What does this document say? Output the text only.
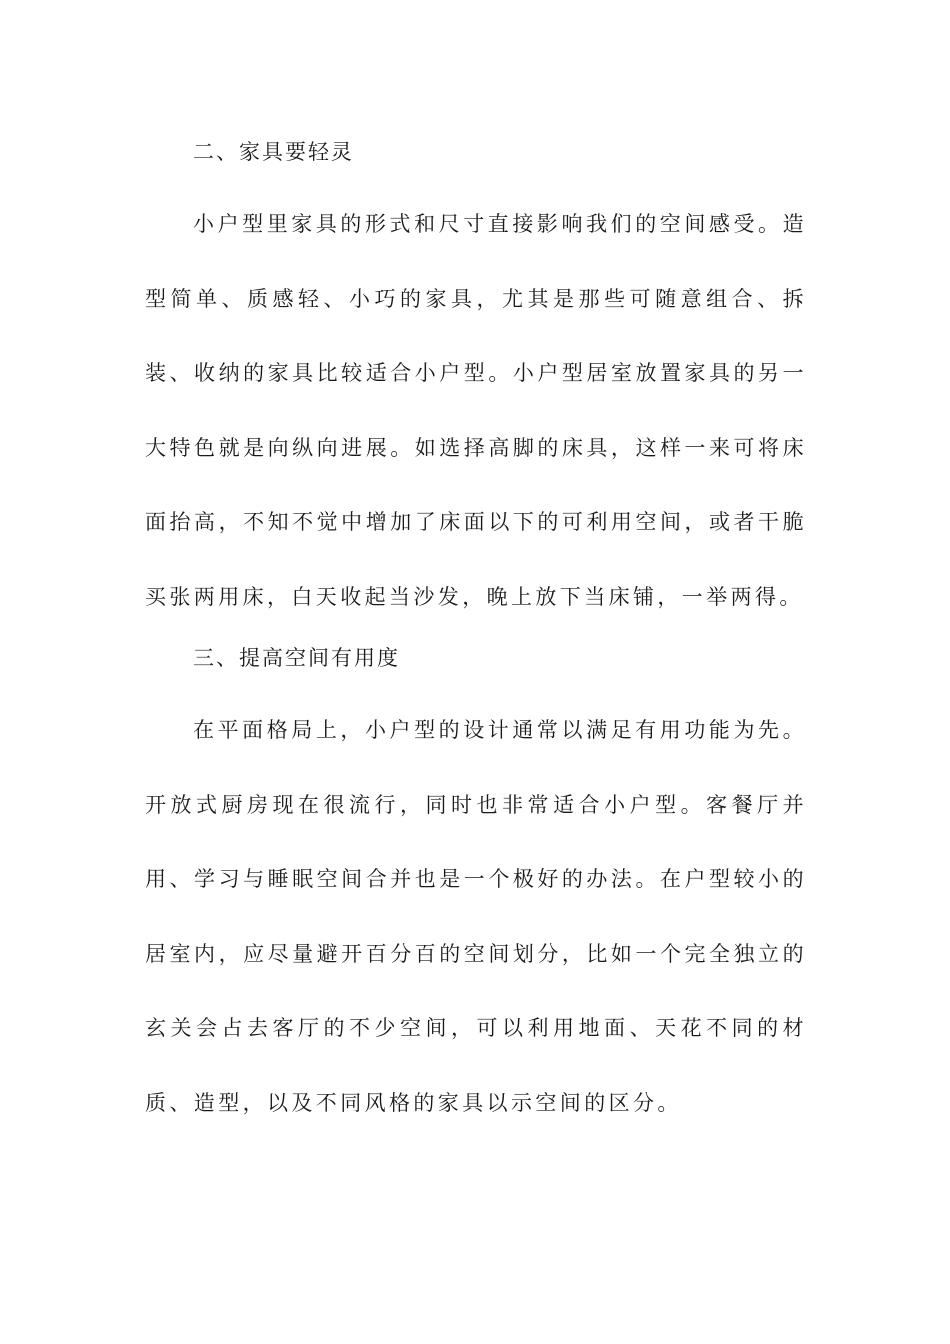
二、家具要轻灵

小户型里家具的形式和尺寸直接影响我们的空间感受。造型简单、质感轻、小巧的家具，尤其是那些可随意组合、拆装、收纳的家具比较适合小户型。小户型居室放置家具的另一大特色就是向纵向进展。如选择高脚的床具，这样一来可将床面抬高，不知不觉中增加了床面以下的可利用空间，或者干脆买张两用床，白天收起当沙发，晚上放下当床铺，一举两得。

三、提高空间有用度

在平面格局上，小户型的设计通常以满足有用功能为先。开放式厨房现在很流行，同时也非常适合小户型。客餐厅并用、学习与睡眠空间合并也是一个极好的办法。在户型较小的居室内，应尽量避开百分百的空间划分，比如一个完全独立的玄关会占去客厅的不少空间，可以利用地面、天花不同的材质、造型，以及不同风格的家具以示空间的区分。
